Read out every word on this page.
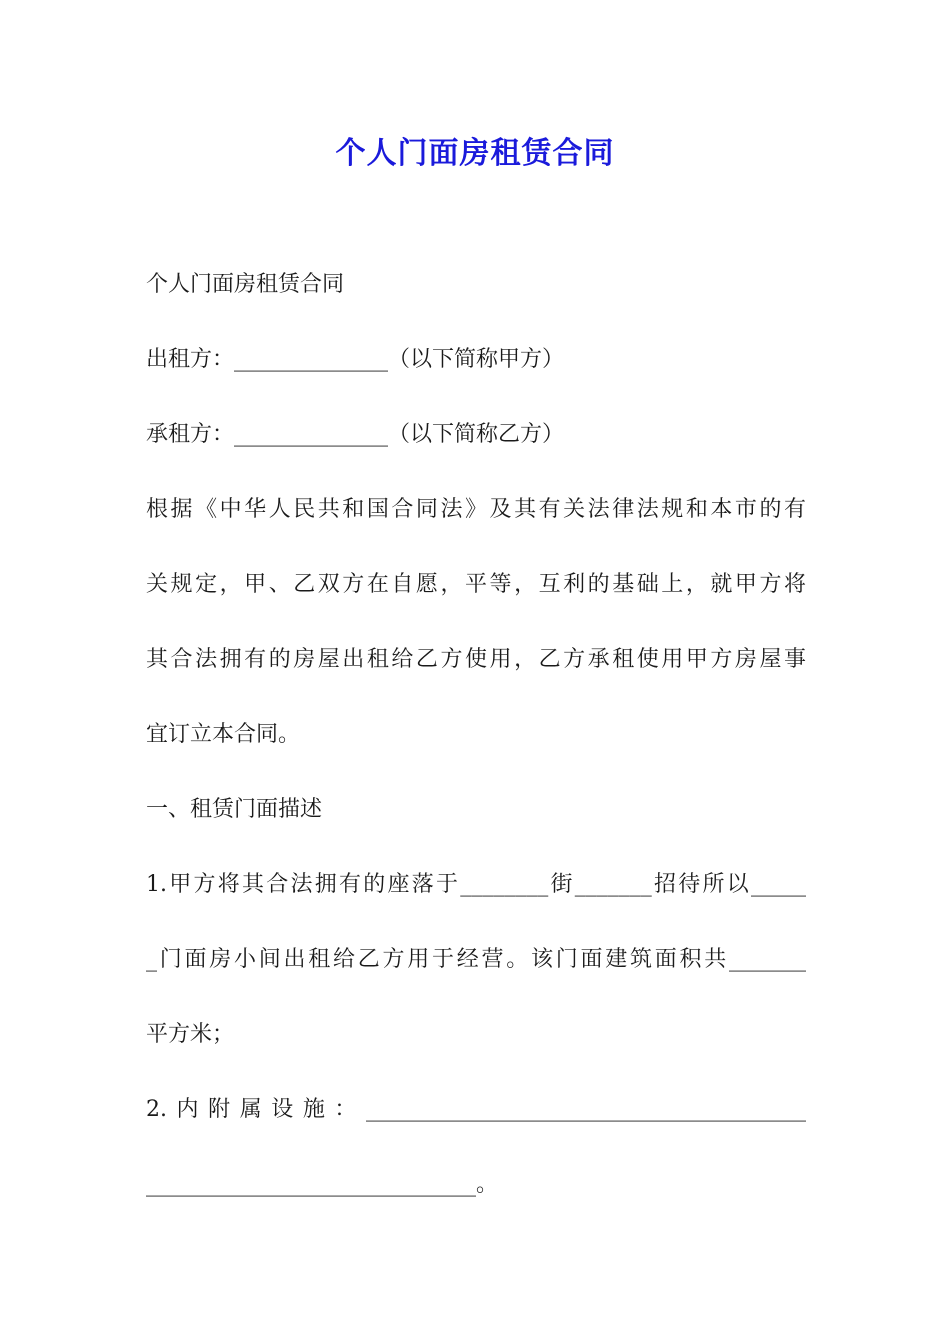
个人门面房租赁合同
个人门面房租赁合同
出租方：______________（以下简称甲方）
承租方：______________（以下简称乙方）
根据《中华人民共和国合同法》及其有关法律法规和本市的有
关规定，甲、乙双方在自愿，平等，互利的基础上，就甲方将
其合法拥有的房屋出租给乙方使用，乙方承租使用甲方房屋事
宜订立本合同。
一、租赁门面描述
1.甲方将其合法拥有的座落于________街_______招待所以_____
_门面房小间出租给乙方用于经营。该门面建筑面积共_______
平方米；
2.内附属设施：________________________________________
______________________________。
